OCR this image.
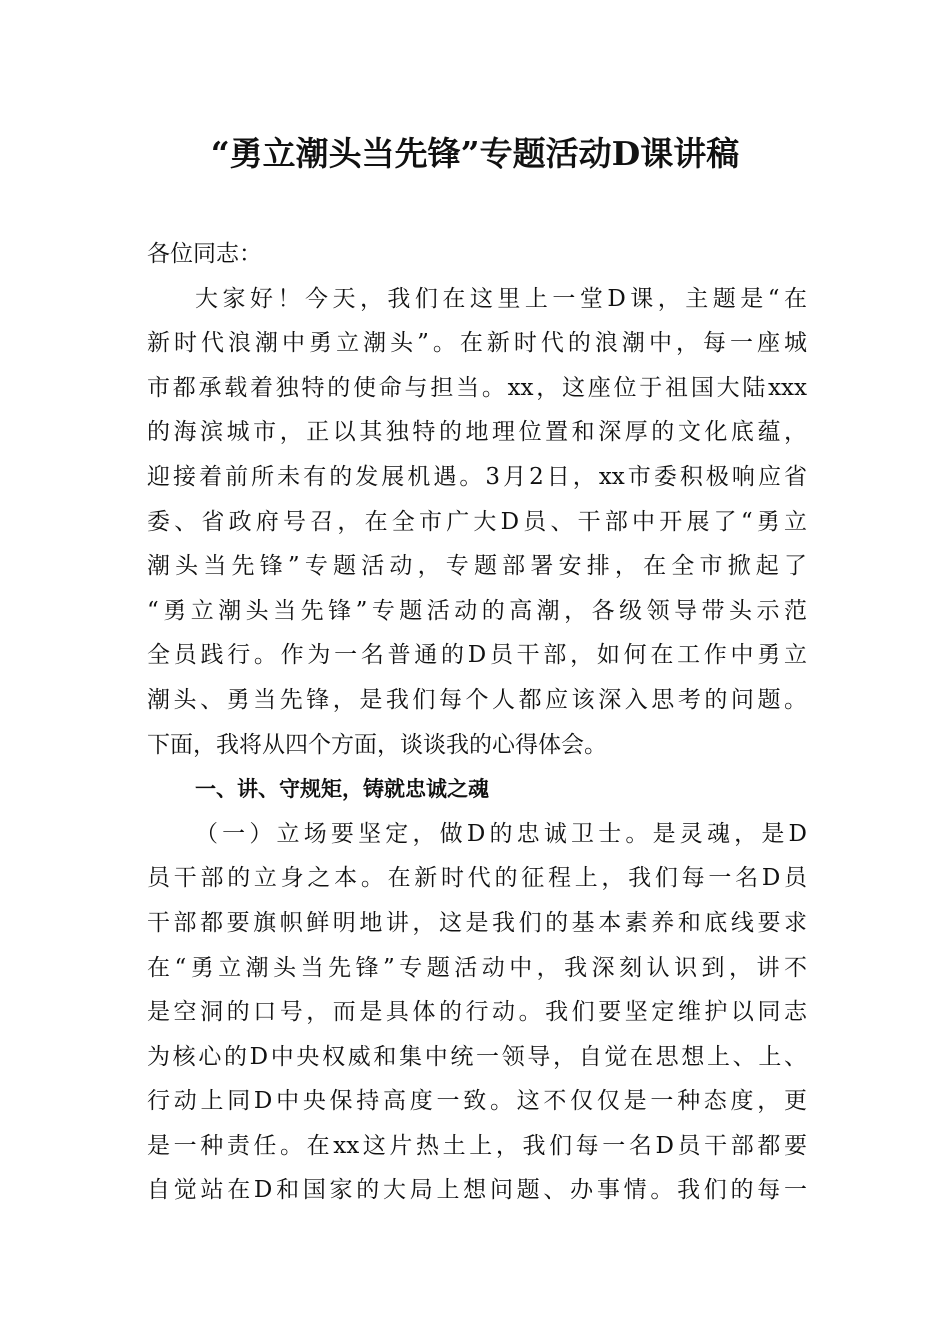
“勇立潮头当先锋”专题活动D课讲稿
各位同志：
大家好！今天，我们在这里上一堂D课，主题是“在
新时代浪潮中勇立潮头”。在新时代的浪潮中，每一座城
市都承载着独特的使命与担当。xx，这座位于祖国大陆xxx
的海滨城市，正以其独特的地理位置和深厚的文化底蕴，
迎接着前所未有的发展机遇。3月2日，xx市委积极响应省
委、省政府号召，在全市广大D员、干部中开展了“勇立
潮头当先锋”专题活动，专题部署安排，在全市掀起了
“勇立潮头当先锋”专题活动的高潮，各级领导带头示范
全员践行。作为一名普通的D员干部，如何在工作中勇立
潮头、勇当先锋，是我们每个人都应该深入思考的问题。
下面，我将从四个方面，谈谈我的心得体会。
一、讲、守规矩，铸就忠诚之魂
（一）立场要坚定，做D的忠诚卫士。是灵魂，是D
员干部的立身之本。在新时代的征程上，我们每一名D员
干部都要旗帜鲜明地讲，这是我们的基本素养和底线要求
在“勇立潮头当先锋”专题活动中，我深刻认识到，讲不
是空洞的口号，而是具体的行动。我们要坚定维护以同志
为核心的D中央权威和集中统一领导，自觉在思想上、上、
行动上同D中央保持高度一致。这不仅仅是一种态度，更
是一种责任。在xx这片热土上，我们每一名D员干部都要
自觉站在D和国家的大局上想问题、办事情。我们的每一
